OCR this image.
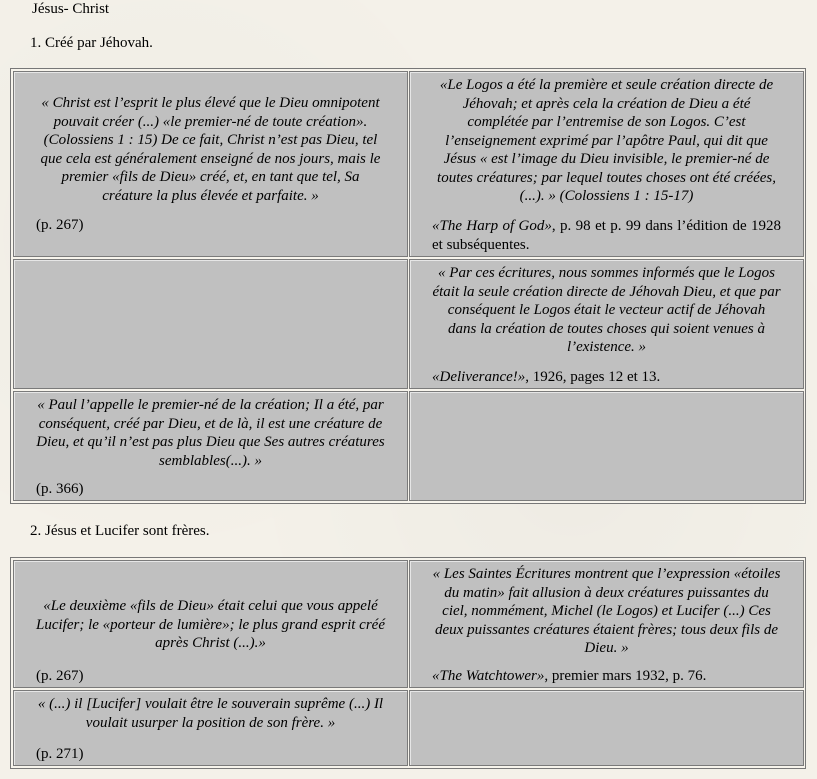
Jésus- Christ
1. Créé par Jéhovah.

« Christ est l’esprit le plus élevé que le Dieu omnipotent pouvait créer (...) «le premier-né de toute création». (Colossiens 1 : 15) De ce fait, Christ n’est pas Dieu, tel que cela est généralement enseigné de nos jours, mais le premier «fils de Dieu» créé, et, en tant que tel, Sa créature la plus élevée et parfaite. »

(p. 267)

«Le Logos a été la première et seule création directe de Jéhovah; et après cela la création de Dieu a été complétée par l’entremise de son Logos. C’est l’enseignement exprimé par l’apôtre Paul, qui dit que Jésus « est l’image du Dieu invisible, le premier-né de toutes créatures; par lequel toutes choses ont été créées, (...). » (Colossiens 1 : 15-17)

«The Harp of God», p. 98 et p. 99 dans l’édition de 1928 et subséquentes.

« Par ces écritures, nous sommes informés que le Logos était la seule création directe de Jéhovah Dieu, et que par conséquent le Logos était le vecteur actif de Jéhovah dans la création de toutes choses qui soient venues à l’existence. »

«Deliverance!», 1926, pages 12 et 13.

« Paul l’appelle le premier-né de la création; Il a été, par conséquent, créé par Dieu, et de là, il est une créature de Dieu, et qu’il n’est pas plus Dieu que Ses autres créatures semblables(...). »

(p. 366)

2. Jésus et Lucifer sont frères.

«Le deuxième «fils de Dieu» était celui que vous appelé Lucifer; le «porteur de lumière»; le plus grand esprit créé après Christ (...).»

(p. 267)

« Les Saintes Écritures montrent que l’expression «étoiles du matin» fait allusion à deux créatures puissantes du ciel, nommément, Michel (le Logos) et Lucifer (...) Ces deux puissantes créatures étaient frères; tous deux fils de Dieu. »

«The Watchtower», premier mars 1932, p. 76.

« (...) il [Lucifer] voulait être le souverain suprême (...) Il voulait usurper la position de son frère. »

(p. 271)
